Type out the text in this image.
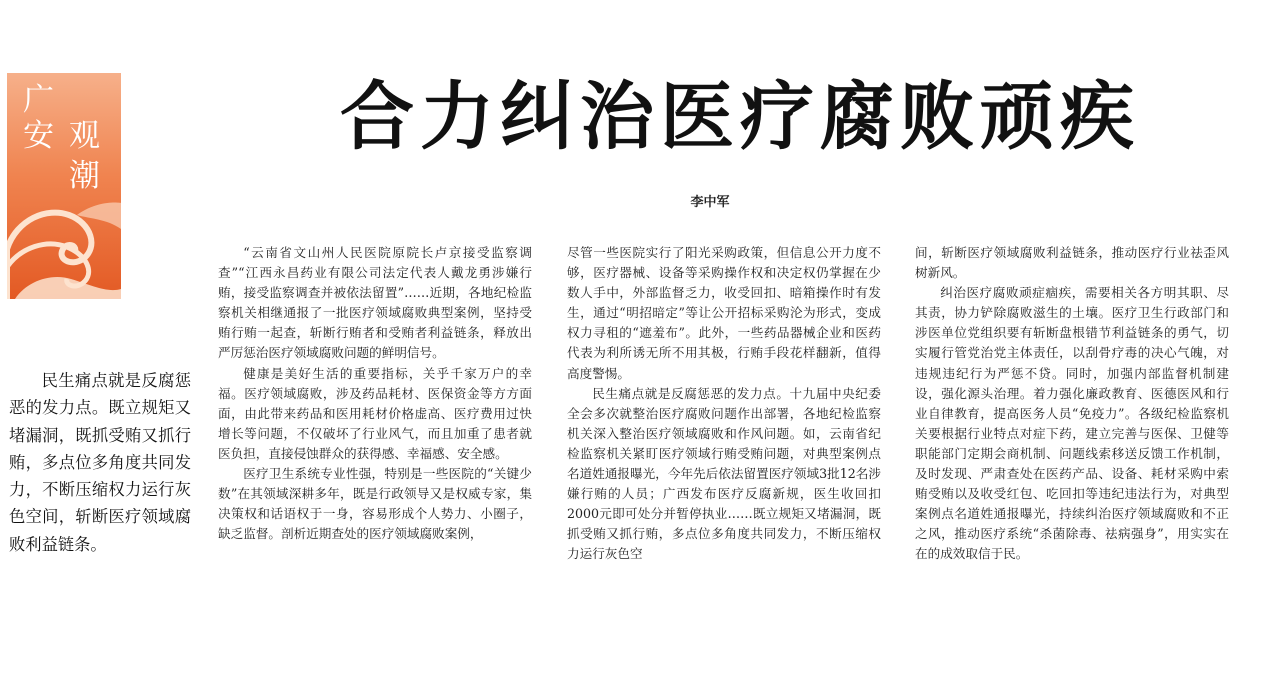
广
安 观
潮
合力纠治医疗腐败顽疾
李中军

民生痛点就是反腐惩恶的发力点。既立规矩又堵漏洞，既抓受贿又抓行贿，多点位多角度共同发力，不断压缩权力运行灰色空间，斩断医疗领域腐败利益链条。

“云南省文山州人民医院原院长卢京接受监察调查”“江西永昌药业有限公司法定代表人戴龙勇涉嫌行贿，接受监察调查并被依法留置”……近期，各地纪检监察机关相继通报了一批医疗领域腐败典型案例，坚持受贿行贿一起查，斩断行贿者和受贿者利益链条，释放出严厉惩治医疗领域腐败问题的鲜明信号。

健康是美好生活的重要指标，关乎千家万户的幸福。医疗领域腐败，涉及药品耗材、医保资金等方方面面，由此带来药品和医用耗材价格虚高、医疗费用过快增长等问题，不仅破坏了行业风气，而且加重了患者就医负担，直接侵蚀群众的获得感、幸福感、安全感。

医疗卫生系统专业性强，特别是一些医院的“关键少数”在其领域深耕多年，既是行政领导又是权威专家，集决策权和话语权于一身，容易形成个人势力、小圈子，缺乏监督。剖析近期查处的医疗领域腐败案例，

尽管一些医院实行了阳光采购政策，但信息公开力度不够，医疗器械、设备等采购操作权和决定权仍掌握在少数人手中，外部监督乏力，收受回扣、暗箱操作时有发生，通过“明招暗定”等让公开招标采购沦为形式，变成权力寻租的“遮羞布”。此外，一些药品器械企业和医药代表为利所诱无所不用其极，行贿手段花样翻新，值得高度警惕。

民生痛点就是反腐惩恶的发力点。十九届中央纪委全会多次就整治医疗腐败问题作出部署，各地纪检监察机关深入整治医疗领域腐败和作风问题。如，云南省纪检监察机关紧盯医疗领域行贿受贿问题，对典型案例点名道姓通报曝光，今年先后依法留置医疗领域3批12名涉嫌行贿的人员；广西发布医疗反腐新规，医生收回扣2000元即可处分并暂停执业……既立规矩又堵漏洞，既抓受贿又抓行贿，多点位多角度共同发力，不断压缩权力运行灰色空

间，斩断医疗领域腐败利益链条，推动医疗行业祛歪风树新风。

纠治医疗腐败顽症痼疾，需要相关各方明其职、尽其责，协力铲除腐败滋生的土壤。医疗卫生行政部门和涉医单位党组织要有斩断盘根错节利益链条的勇气，切实履行管党治党主体责任，以刮骨疗毒的决心气魄，对违规违纪行为严惩不贷。同时，加强内部监督机制建设，强化源头治理。着力强化廉政教育、医德医风和行业自律教育，提高医务人员“免疫力”。各级纪检监察机关要根据行业特点对症下药，建立完善与医保、卫健等职能部门定期会商机制、问题线索移送反馈工作机制，及时发现、严肃查处在医药产品、设备、耗材采购中索贿受贿以及收受红包、吃回扣等违纪违法行为，对典型案例点名道姓通报曝光，持续纠治医疗领域腐败和不正之风，推动医疗系统“杀菌除毒、祛病强身”，用实实在在的成效取信于民。
